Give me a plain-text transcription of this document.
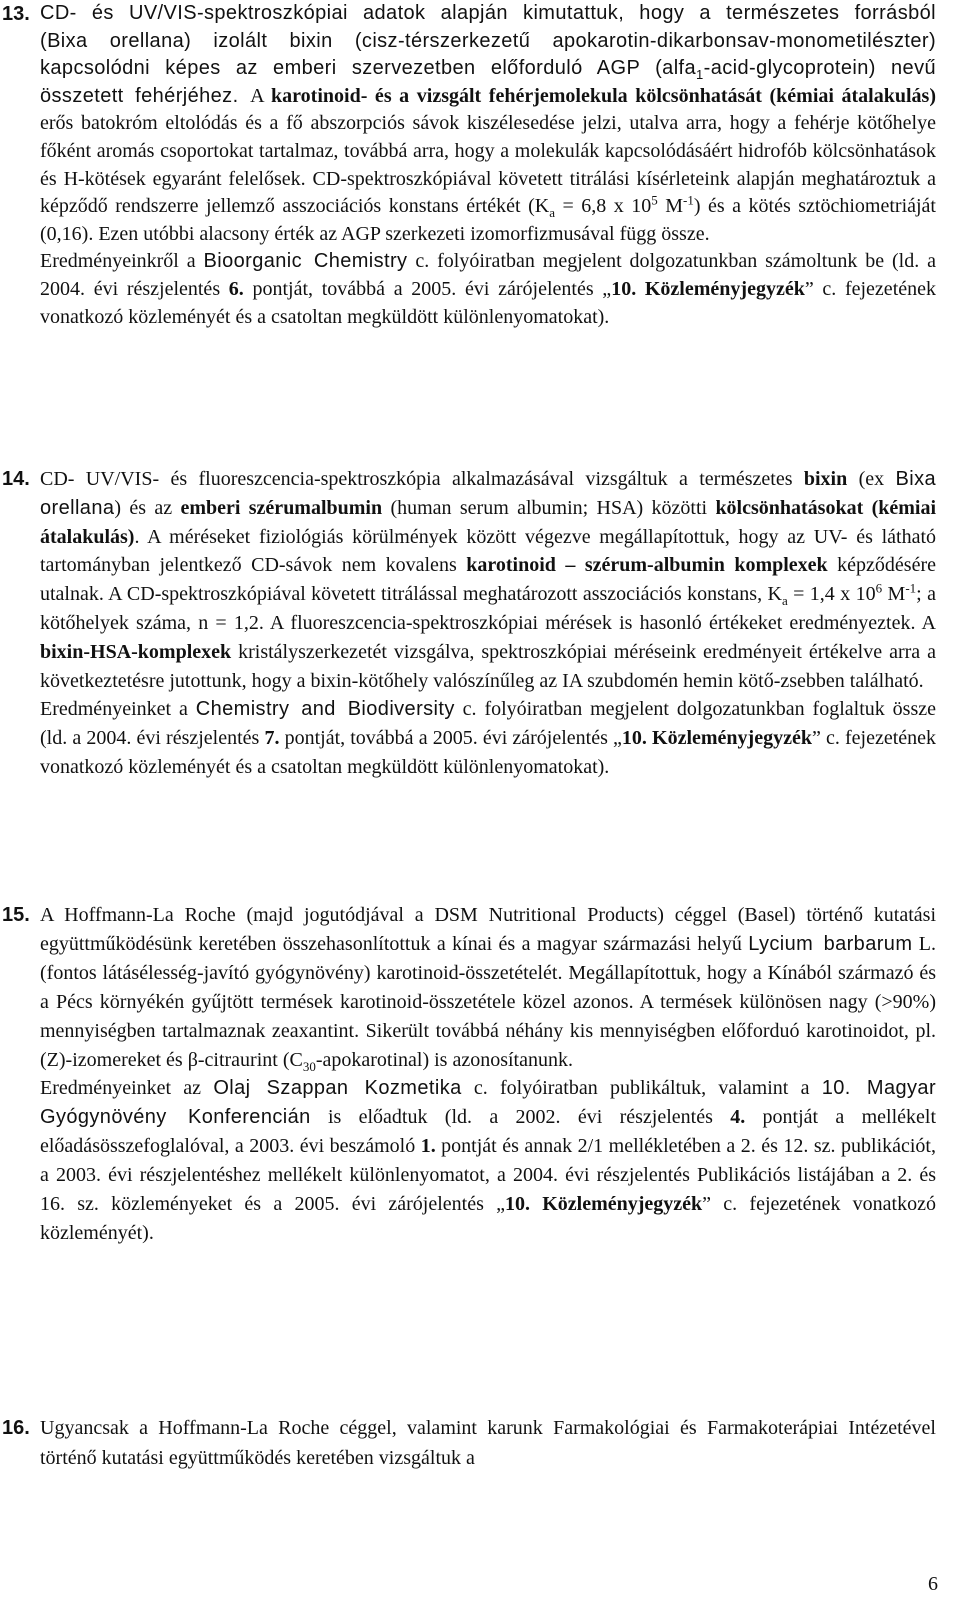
13. CD- és UV/VIS-spektroszkópiai adatok alapján kimutattuk, hogy a természetes forrásból (Bixa orellana) izolált bixin (cisz-térszerkezetű apokarotin-dikarbonsav-monometilészter) kapcsolódni képes az emberi szervezetben előforduló AGP (alfa$_1$-acid-glycoprotein) nevű összetett fehérjéhez. A karotinoid- és a vizsgált fehérjemolekula kölcsönhatását (kémiai átalakulás) erős batokróm eltolódás és a fő abszorpciós sávok kiszélesedése jelzi, utalva arra, hogy a fehérje kötőhelye főként aromás csoportokat tartalmaz, továbbá arra, hogy a molekulák kapcsolódásáért hidrofób kölcsönhatások és H-kötések egyaránt felelősek. CD-spektroszkópiával követett titrálási kísérleteink alapján meghatároztuk a képződő rendszerre jellemző asszociációs konstans értékét ($K_a = 6,8$ x $10^5$ $M^{-1}$) és a kötés sztöchiometriáját (0,16). Ezen utóbbi alacsony érték az AGP szerkezeti izomorfizmusával függ össze.

Eredményeinkről a Bioorganic Chemistry c. folyóiratban megjelent dolgozatunkban számoltunk be (ld. a 2004. évi részjelentés 6. pontját, továbbá a 2005. évi zárójelentés „10. Közleményjegyzék” c. fejezetének vonatkozó közleményét és a csatoltan megküldött különlenyomatokat).

14. CD- UV/VIS- és fluoreszcencia-spektroszkópia alkalmazásával vizsgáltuk a természetes bixin (ex Bixa orellana) és az emberi szérumalbumin (human serum albumin; HSA) közötti kölcsönhatásokat (kémiai átalakulás). A méréseket fiziológiás körülmények között végezve megállapítottuk, hogy az UV- és látható tartományban jelentkező CD-sávok nem kovalens karotinoid – szérum-albumin komplexek képződésére utalnak. A CD-spektroszkópiával követett titrálással meghatározott asszociációs konstans, $K_a = 1,4$ x $10^6$ $M^{-1}$; a kötőhelyek száma, n = 1,2. A fluoreszcencia-spektroszkópiai mérések is hasonló értékeket eredményeztek. A bixin-HSA-komplexek kristályszerkezetét vizsgálva, spektroszkópiai méréseink eredményeit értékelve arra a következtetésre jutottunk, hogy a bixin-kötőhely valószínűleg az IA szubdomén hemin kötő-zsebben található.

Eredményeinket a Chemistry and Biodiversity c. folyóiratban megjelent dolgozatunkban foglaltuk össze (ld. a 2004. évi részjelentés 7. pontját, továbbá a 2005. évi zárójelentés „10. Közleményjegyzék” c. fejezetének vonatkozó közleményét és a csatoltan megküldött különlenyomatokat).

15. A Hoffmann-La Roche (majd jogutódjával a DSM Nutritional Products) céggel (Basel) történő kutatási együttműködésünk keretében összehasonlítottuk a kínai és a magyar származási helyű Lycium barbarum L. (fontos látásélesség-javító gyógynövény) karotinoid-összetételét. Megállapítottuk, hogy a Kínából származó és a Pécs környékén gyűjtött termések karotinoid-összetétele közel azonos. A termések különösen nagy (>90%) mennyiségben tartalmaznak zeaxantint. Sikerült továbbá néhány kis mennyiségben előforduó karotinoidot, pl. (Z)-izomereket és β-citraurint $(C_{30}-apokarotinal)$ is azonosítanunk.

Eredményeinket az Olaj Szappan Kozmetika c. folyóiratban publikáltuk, valamint a 10. Magyar Gyógynövény Konferencián is előadtuk (ld. a 2002. évi részjelentés 4. pontját a mellékelt előadásösszefoglalóval, a 2003. évi beszámoló 1. pontját és annak 2/1 mellékletében a 2. és 12. sz. publikációt, a 2003. évi részjelentéshez mellékelt különlenyomatot, a 2004. évi részjelentés Publikációs listájában a 2. és 16. sz. közleményeket és a 2005. évi zárójelentés „10. Közleményjegyzék” c. fejezetének vonatkozó közleményét).

16. Ugyancsak a Hoffmann-La Roche céggel, valamint karunk Farmakológiai és Farmakoterápiai Intézetével történő kutatási együttműködés keretében vizsgáltuk a

6
